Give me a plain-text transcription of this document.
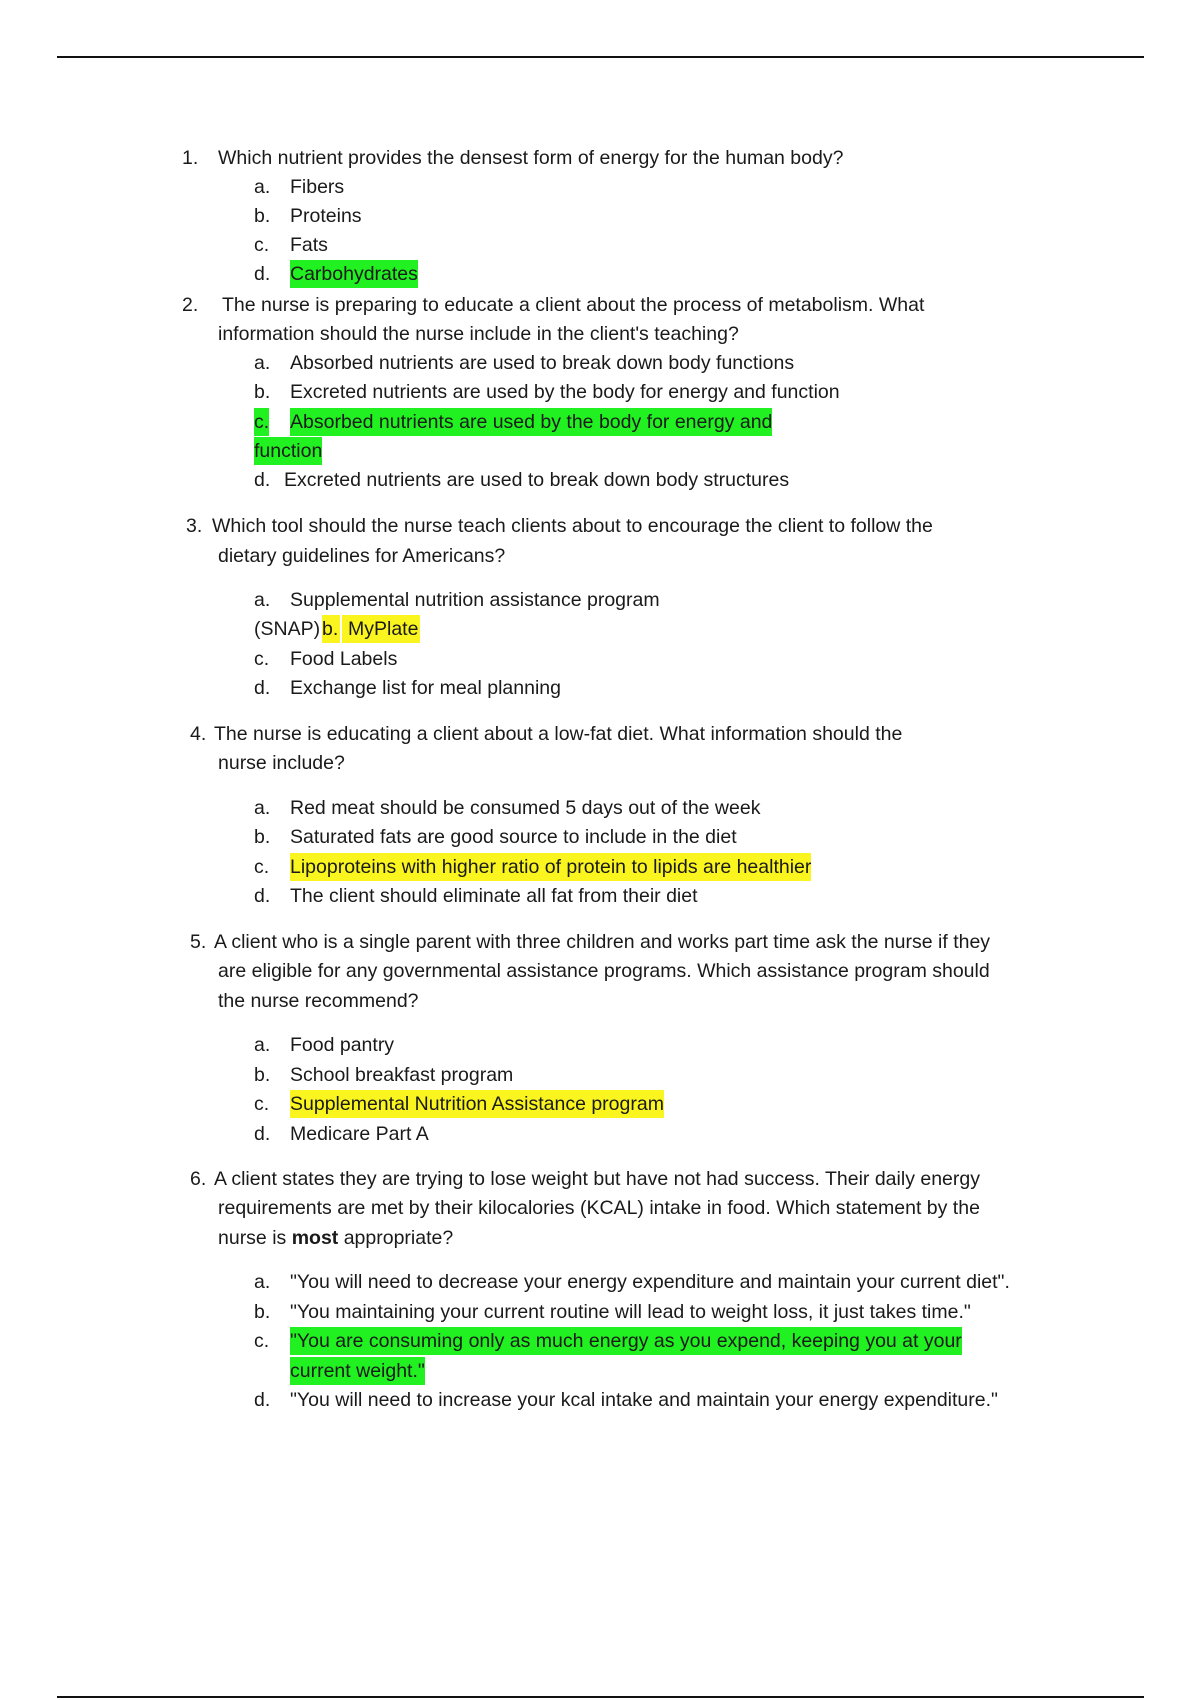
1. Which nutrient provides the densest form of energy for the human body?
a. Fibers
b. Proteins
c. Fats
d. Carbohydrates
2. The nurse is preparing to educate a client about the process of metabolism. What
information should the nurse include in the client's teaching?
a. Absorbed nutrients are used to break down body functions
b. Excreted nutrients are used by the body for energy and function
c. Absorbed nutrients are used by the body for energy and
function
d. Excreted nutrients are used to break down body structures
3. Which tool should the nurse teach clients about to encourage the client to follow the
dietary guidelines for Americans?
a. Supplemental nutrition assistance program
(SNAP) b. MyPlate
c. Food Labels
d. Exchange list for meal planning
4. The nurse is educating a client about a low-fat diet. What information should the
nurse include?
a. Red meat should be consumed 5 days out of the week
b. Saturated fats are good source to include in the diet
c. Lipoproteins with higher ratio of protein to lipids are healthier
d. The client should eliminate all fat from their diet
5. A client who is a single parent with three children and works part time ask the nurse if they
are eligible for any governmental assistance programs. Which assistance program should
the nurse recommend?
a. Food pantry
b. School breakfast program
c. Supplemental Nutrition Assistance program
d. Medicare Part A
6. A client states they are trying to lose weight but have not had success. Their daily energy
requirements are met by their kilocalories (KCAL) intake in food. Which statement by the
nurse is most appropriate?
a. "You will need to decrease your energy expenditure and maintain your current diet".
b. "You maintaining your current routine will lead to weight loss, it just takes time."
c. "You are consuming only as much energy as you expend, keeping you at your
current weight."
d. "You will need to increase your kcal intake and maintain your energy expenditure."
